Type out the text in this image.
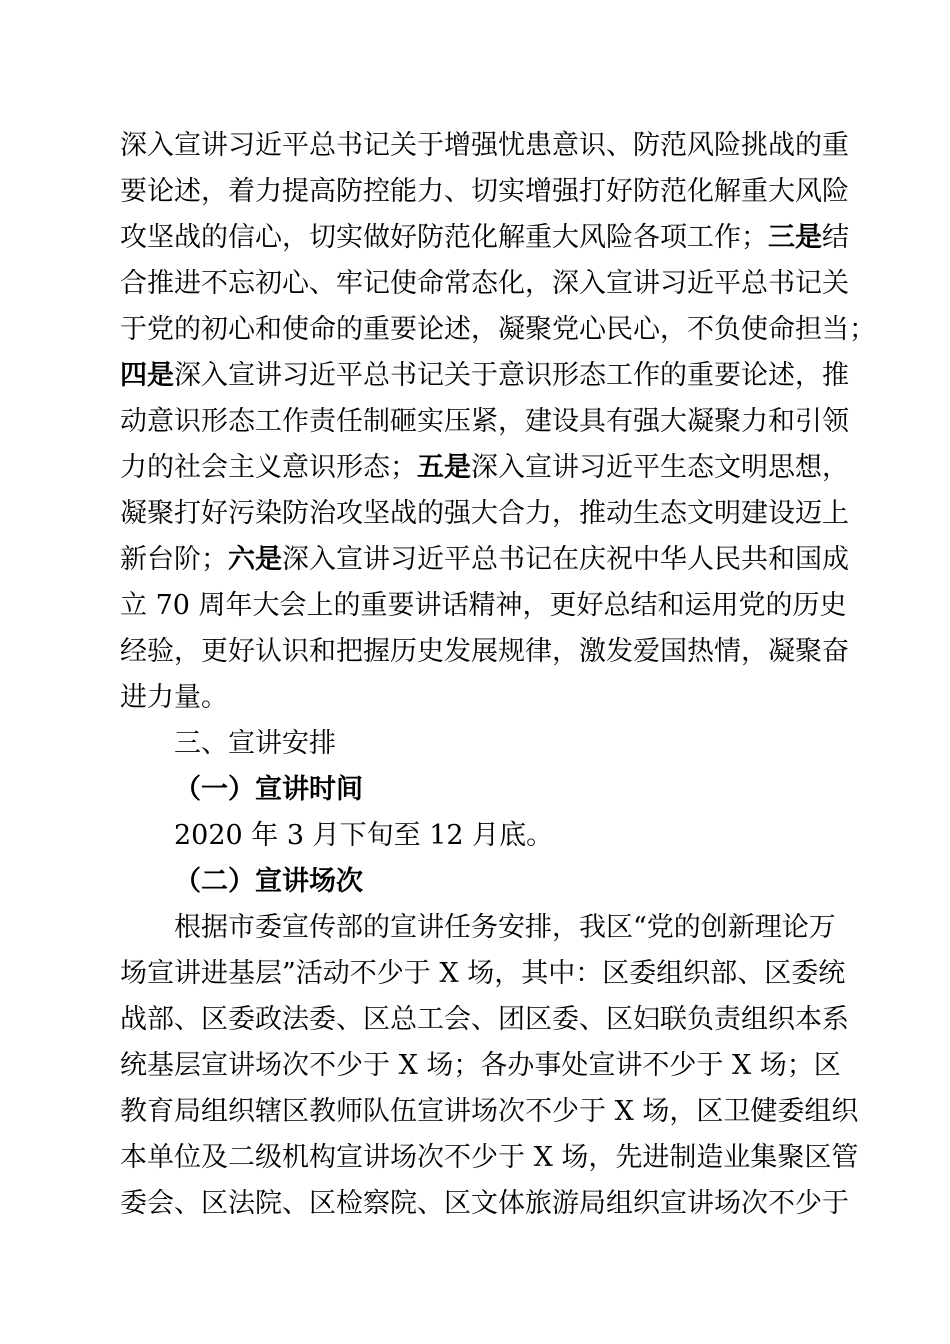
深入宣讲习近平总书记关于增强忧患意识、防范风险挑战的重
要论述，着力提高防控能力、切实增强打好防范化解重大风险
攻坚战的信心，切实做好防范化解重大风险各项工作；三是结
合推进不忘初心、牢记使命常态化，深入宣讲习近平总书记关
于党的初心和使命的重要论述，凝聚党心民心，不负使命担当；
四是深入宣讲习近平总书记关于意识形态工作的重要论述，推
动意识形态工作责任制砸实压紧，建设具有强大凝聚力和引领
力的社会主义意识形态；五是深入宣讲习近平生态文明思想，
凝聚打好污染防治攻坚战的强大合力，推动生态文明建设迈上
新台阶；六是深入宣讲习近平总书记在庆祝中华人民共和国成
立 70 周年大会上的重要讲话精神，更好总结和运用党的历史
经验，更好认识和把握历史发展规律，激发爱国热情，凝聚奋
进力量。
三、宣讲安排
（一）宣讲时间
2020 年 3 月下旬至 12 月底。
（二）宣讲场次
根据市委宣传部的宣讲任务安排，我区“党的创新理论万
场宣讲进基层”活动不少于 X 场，其中：区委组织部、区委统
战部、区委政法委、区总工会、团区委、区妇联负责组织本系
统基层宣讲场次不少于 X 场；各办事处宣讲不少于 X 场；区
教育局组织辖区教师队伍宣讲场次不少于 X 场，区卫健委组织
本单位及二级机构宣讲场次不少于 X 场，先进制造业集聚区管
委会、区法院、区检察院、区文体旅游局组织宣讲场次不少于
